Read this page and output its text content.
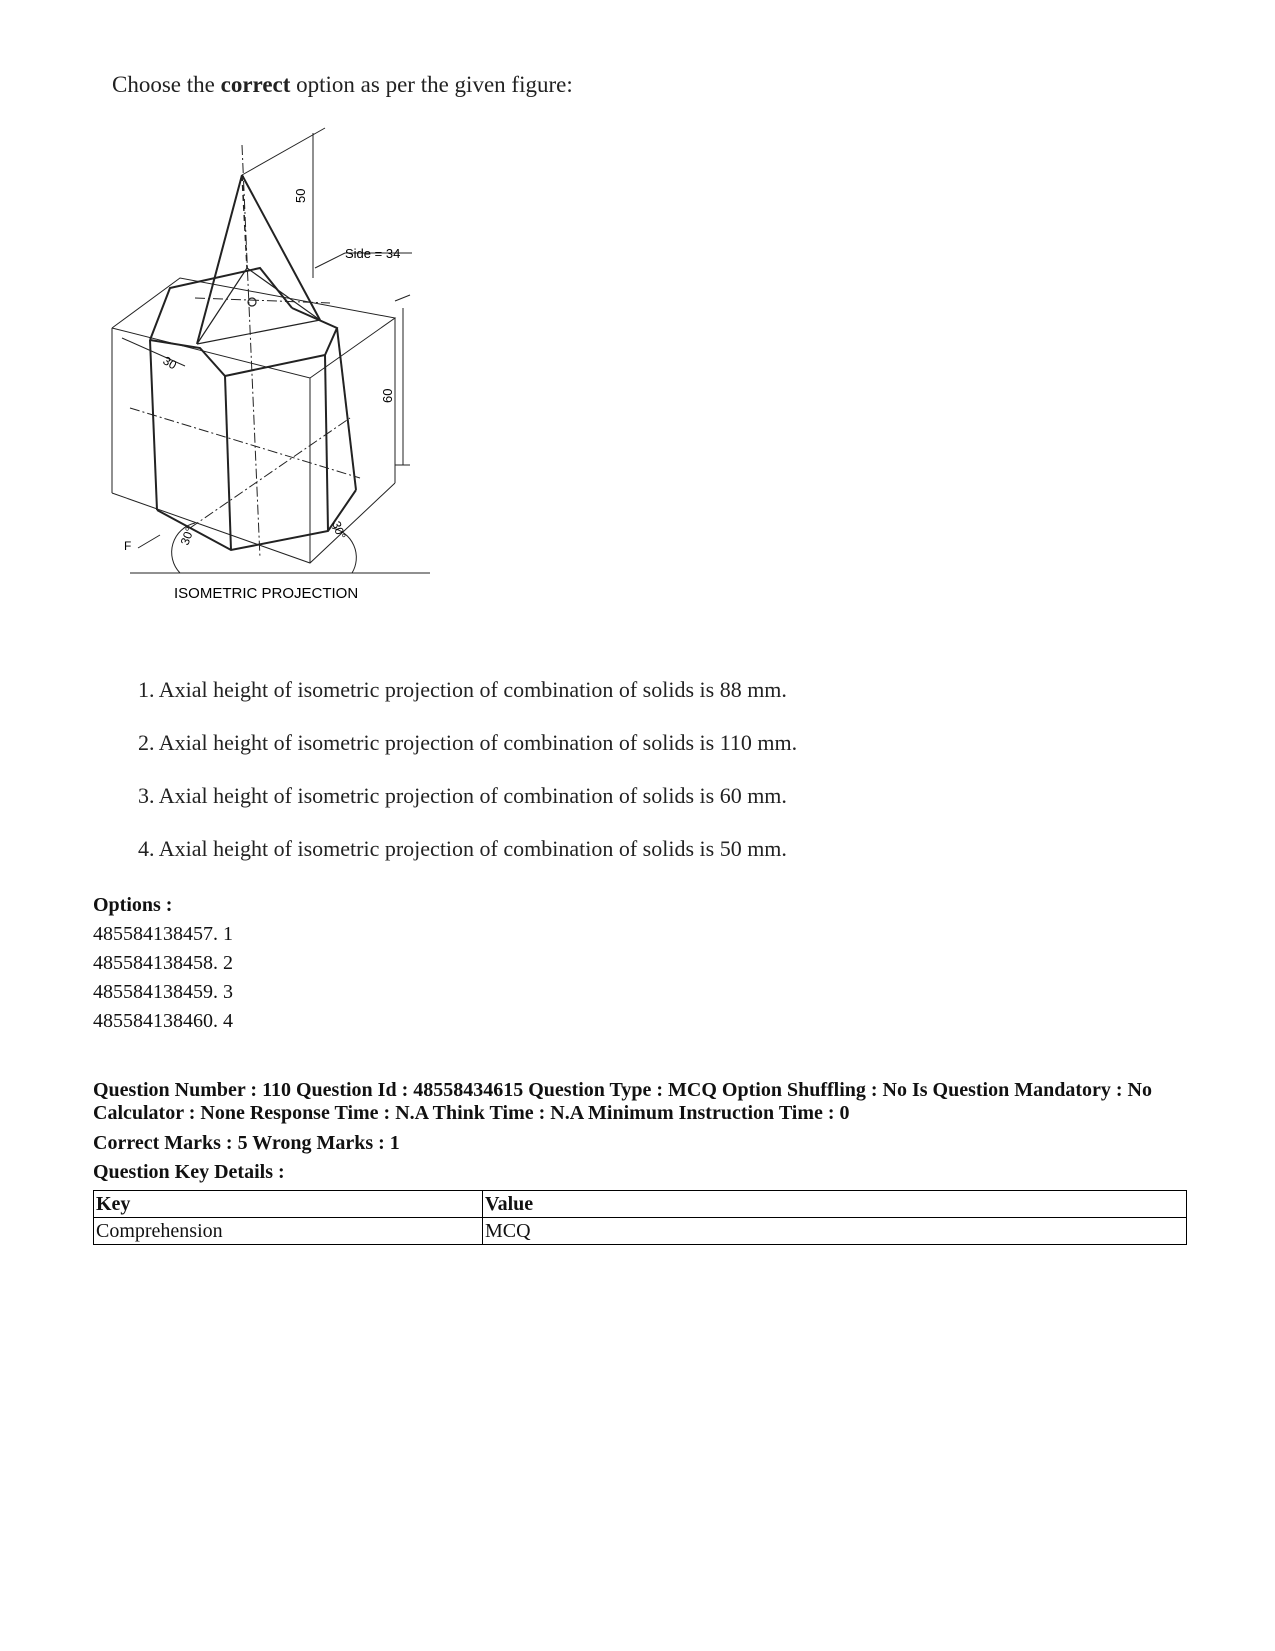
Choose the correct option as per the given figure:
50
Side = 34
60
30
30°	30°
O
F
ISOMETRIC PROJECTION
1. Axial height of isometric projection of combination of solids is 88 mm.
2. Axial height of isometric projection of combination of solids is 110 mm.
3. Axial height of isometric projection of combination of solids is 60 mm.
4. Axial height of isometric projection of combination of solids is 50 mm.
Options :
485584138457. 1
485584138458. 2
485584138459. 3
485584138460. 4
Question Number : 110 Question Id : 48558434615 Question Type : MCQ Option Shuffling : No Is Question Mandatory : No Calculator : None Response Time : N.A Think Time : N.A Minimum Instruction Time : 0
Correct Marks : 5 Wrong Marks : 1
Question Key Details :
Key	Value
Comprehension	MCQ
